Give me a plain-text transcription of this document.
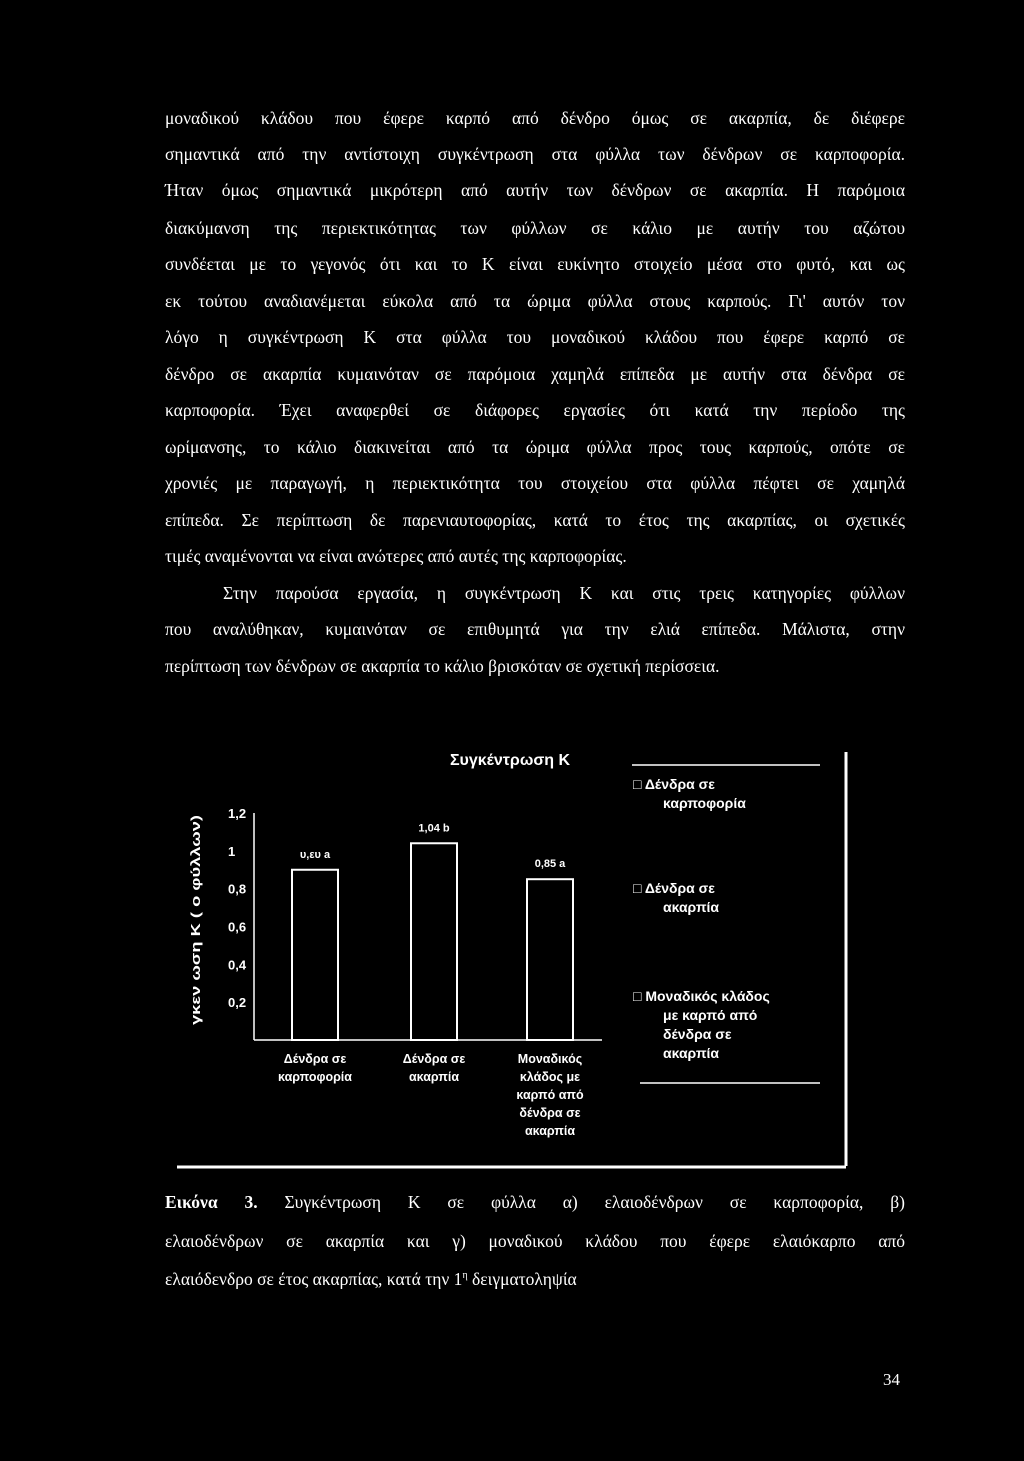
μοναδικού κλάδου που έφερε καρπό από δένδρο όμως σε ακαρπία, δε διέφερε
σημαντικά από την αντίστοιχη συγκέντρωση στα φύλλα των δένδρων σε καρποφορία.
Ήταν όμως σημαντικά μικρότερη από αυτήν των δένδρων σε ακαρπία. Η παρόμοια
διακύμανση της περιεκτικότητας των φύλλων σε κάλιο με αυτήν του αζώτου
συνδέεται με το γεγονός ότι και το Κ είναι ευκίνητο στοιχείο μέσα στο φυτό, και ως
εκ τούτου αναδιανέμεται εύκολα από τα ώριμα φύλλα στους καρπούς. Γι' αυτόν τον
λόγο η συγκέντρωση Κ στα φύλλα του μοναδικού κλάδου που έφερε καρπό σε
δένδρο σε ακαρπία κυμαινόταν σε παρόμοια χαμηλά επίπεδα με αυτήν στα δένδρα σε
καρποφορία. Έχει αναφερθεί σε διάφορες εργασίες ότι κατά την περίοδο της
ωρίμανσης, το κάλιο διακινείται από τα ώριμα φύλλα προς τους καρπούς, οπότε σε
χρονιές με παραγωγή, η περιεκτικότητα του στοιχείου στα φύλλα πέφτει σε χαμηλά
επίπεδα. Σε περίπτωση δε παρενιαυτοφορίας, κατά το έτος της ακαρπίας, οι σχετικές
τιμές αναμένονται να είναι ανώτερες από αυτές της καρποφορίας.
Στην παρούσα εργασία, η συγκέντρωση Κ και στις τρεις κατηγορίες φύλλων
που αναλύθηκαν, κυμαινόταν σε επιθυμητά για την ελιά επίπεδα. Μάλιστα, στην
περίπτωση των δένδρων σε ακαρπία το κάλιο βρισκόταν σε σχετική περίσσεια.
Συγκέντρωση Κ
γκεν ωση Κ ( ο φύλλων) 0,2
0,4
0,6
0,8
1
1,2
υ,ευ a
1,04 b
0,85 a
Δένδρα σε
καρποφορία
Δένδρα σε
ακαρπία
Μοναδικός
κλάδος με
καρπό από
δένδρα σε
ακαρπία
□ Δένδρα σε
καρποφορία
□ Δένδρα σε
ακαρπία
□ Μοναδικός κλάδος
με καρπό από
δένδρα σε
ακαρπία
Εικόνα 3. Συγκέντρωση Κ σε φύλλα α) ελαιοδένδρων σε καρποφορία, β)
ελαιοδένδρων σε ακαρπία και γ) μοναδικού κλάδου που έφερε ελαιόκαρπο από
ελαιόδενδρο σε έτος ακαρπίας, κατά την $1^\eta$ δειγματοληψία
34
